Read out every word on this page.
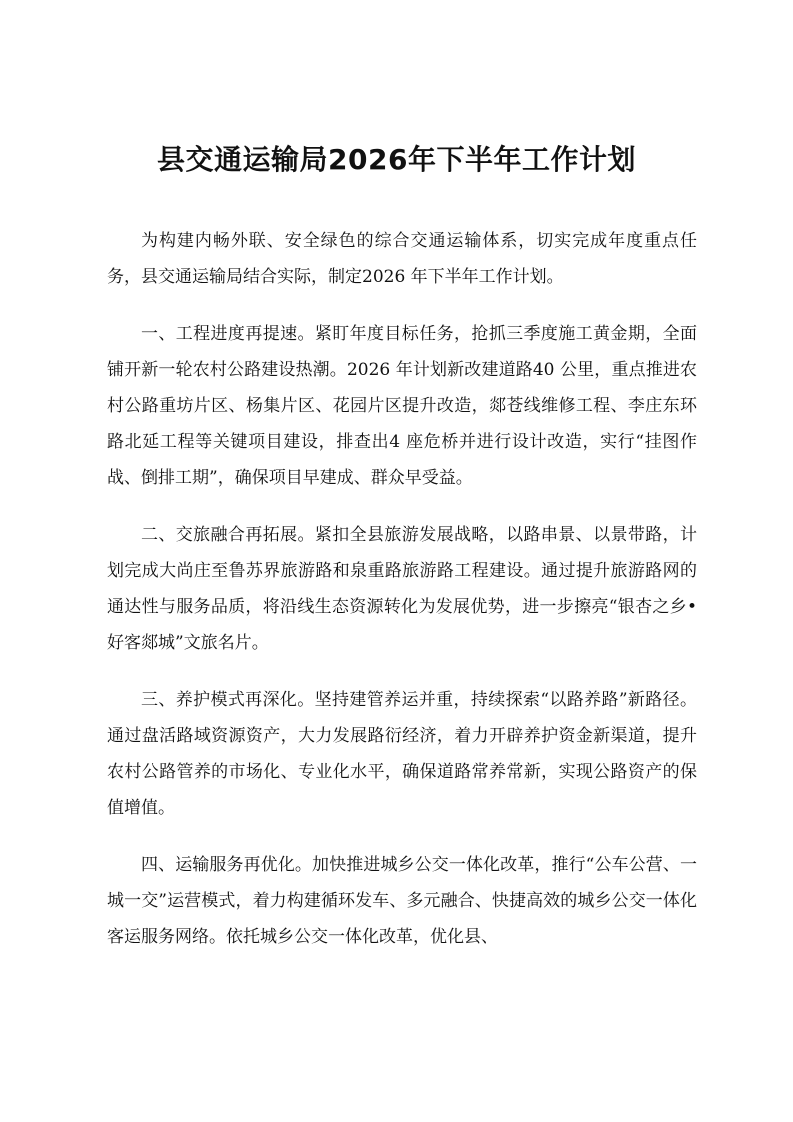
县交通运输局2026年下半年工作计划

为构建内畅外联、安全绿色的综合交通运输体系，切实完成年度重点任务，县交通运输局结合实际，制定2026 年下半年工作计划。

一、工程进度再提速。紧盯年度目标任务，抢抓三季度施工黄金期，全面铺开新一轮农村公路建设热潮。2026 年计划新改建道路40 公里，重点推进农村公路重坊片区、杨集片区、花园片区提升改造，郯苍线维修工程、李庄东环路北延工程等关键项目建设，排查出4 座危桥并进行设计改造，实行“挂图作战、倒排工期”，确保项目早建成、群众早受益。

二、交旅融合再拓展。紧扣全县旅游发展战略，以路串景、以景带路，计划完成大尚庄至鲁苏界旅游路和泉重路旅游路工程建设。通过提升旅游路网的通达性与服务品质，将沿线生态资源转化为发展优势，进一步擦亮“银杏之乡•好客郯城”文旅名片。

三、养护模式再深化。坚持建管养运并重，持续探索“以路养路”新路径。通过盘活路域资源资产，大力发展路衍经济，着力开辟养护资金新渠道，提升农村公路管养的市场化、专业化水平，确保道路常养常新，实现公路资产的保值增值。

四、运输服务再优化。加快推进城乡公交一体化改革，推行“公车公营、一城一交”运营模式，着力构建循环发车、多元融合、快捷高效的城乡公交一体化客运服务网络。依托城乡公交一体化改革，优化县、
